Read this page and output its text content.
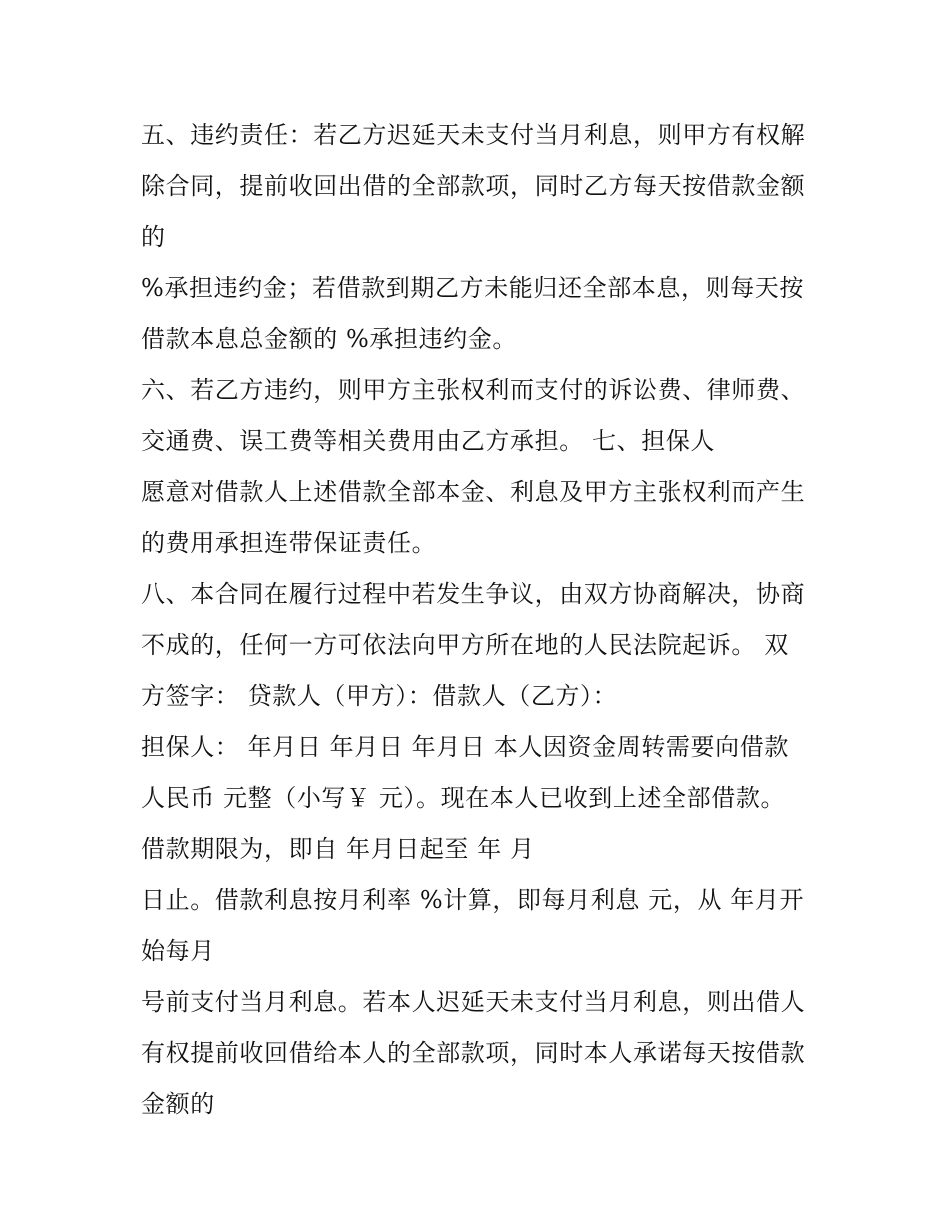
五、违约责任：若乙方迟延天未支付当月利息，则甲方有权解
除合同，提前收回出借的全部款项，同时乙方每天按借款金额
的
%承担违约金；若借款到期乙方未能归还全部本息，则每天按
借款本息总金额的 %承担违约金。
六、若乙方违约，则甲方主张权利而支付的诉讼费、律师费、
交通费、误工费等相关费用由乙方承担。 七、担保人
愿意对借款人上述借款全部本金、利息及甲方主张权利而产生
的费用承担连带保证责任。
八、本合同在履行过程中若发生争议，由双方协商解决，协商
不成的，任何一方可依法向甲方所在地的人民法院起诉。 双
方签字： 贷款人（甲方）：借款人（乙方）：
担保人： 年月日 年月日 年月日 本人因资金周转需要向借款
人民币 元整（小写￥ 元）。现在本人已收到上述全部借款。
借款期限为，即自 年月日起至 年 月
日止。借款利息按月利率 %计算，即每月利息 元，从 年月开
始每月
号前支付当月利息。若本人迟延天未支付当月利息，则出借人
有权提前收回借给本人的全部款项，同时本人承诺每天按借款
金额的
